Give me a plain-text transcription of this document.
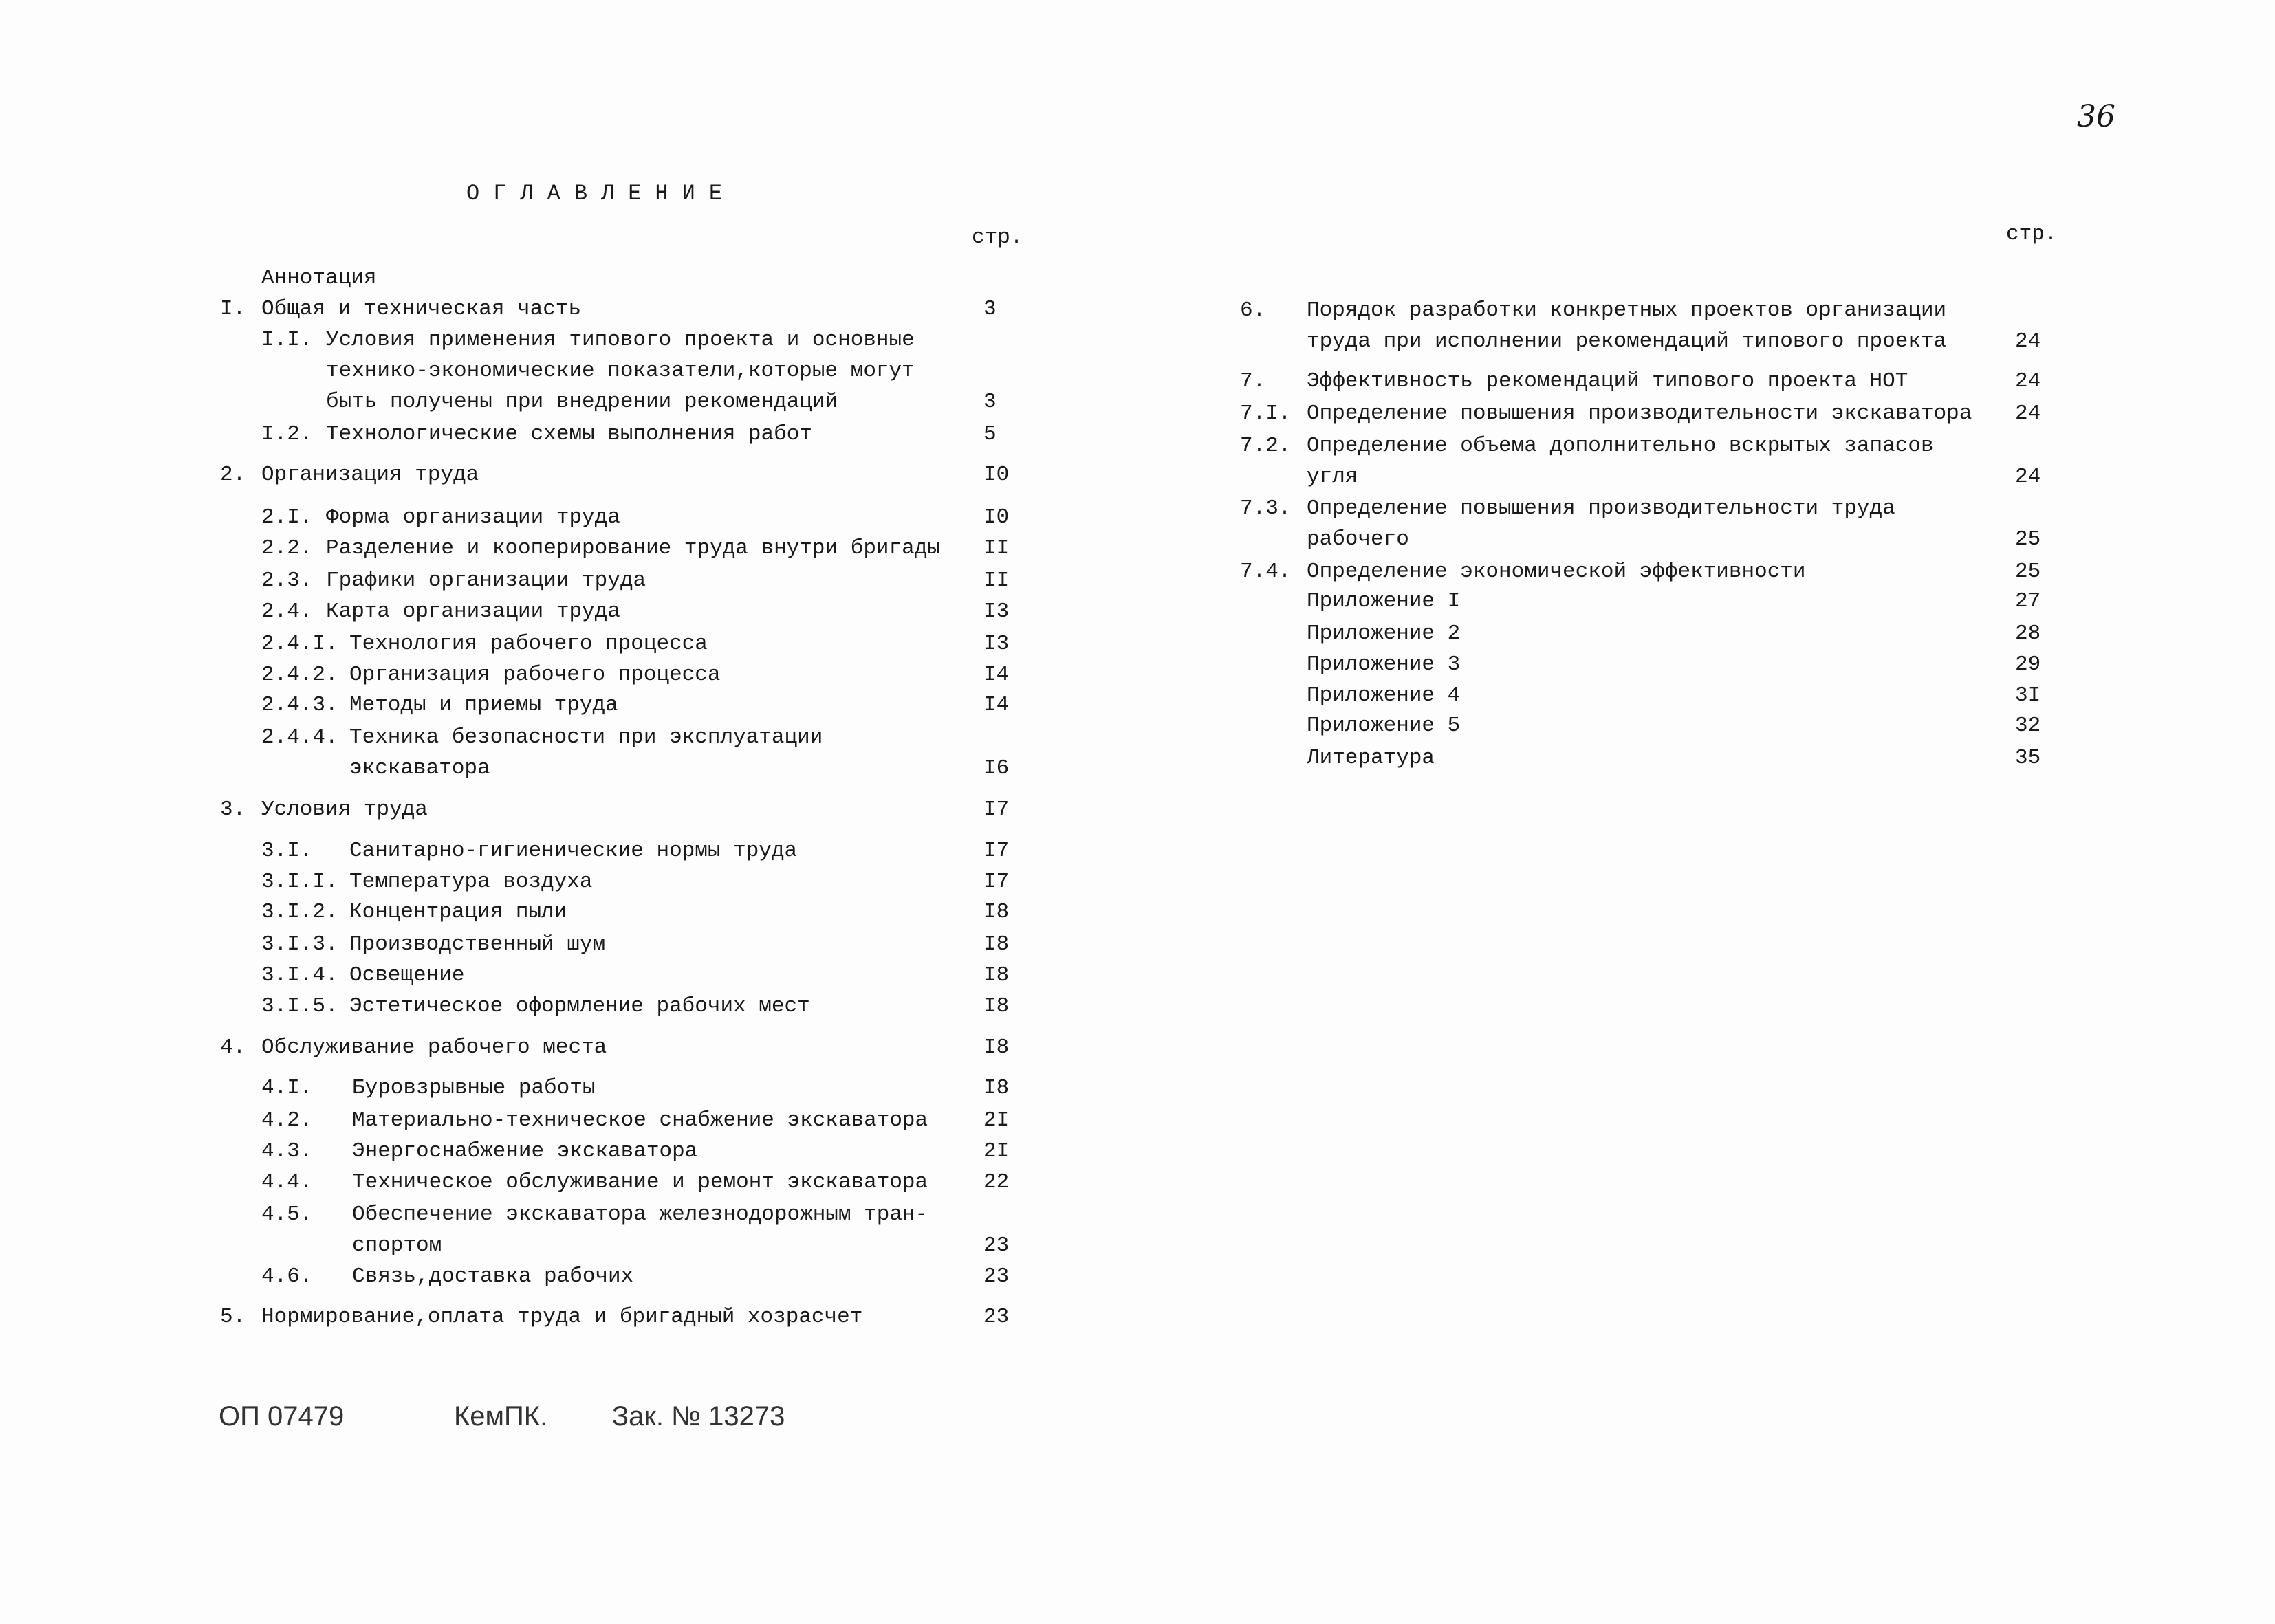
36
ОГЛАВЛЕНИЕ
стр.	стр.
ОП 07479	КемПК. Зак. № 13273
Аннотация
I. Общая и техническая часть	3
I.I. Условия применения типового проекта и основные
технико-экономические показатели,которые могут
быть получены при внедрении рекомендаций	3
I.2. Технологические схемы выполнения работ	5
2. Организация труда	I0
2.I. Форма организации труда	I0
2.2. Разделение и кооперирование труда внутри бригады II
2.3. Графики организации труда	II
2.4. Карта организации труда	I3
2.4.I. Технология рабочего процесса	I3
2.4.2. Организация рабочего процесса	I4
2.4.3. Методы и приемы труда	I4
2.4.4. Техника безопасности при эксплуатации
экскаватора	I6
3. Условия труда	I7
3.I. Санитарно-гигиенические нормы труда	I7
3.I.I. Температура воздуха	I7
3.I.2. Концентрация пыли	I8
3.I.3. Производственный шум	I8
3.I.4. Освещение	I8
3.I.5. Эстетическое оформление рабочих мест	I8
4. Обслуживание рабочего места	I8
4.I. Буровзрывные работы	I8
4.2. Материально-техническое снабжение экскаватора	2I
4.3. Энергоснабжение экскаватора	2I
4.4. Техническое обслуживание и ремонт экскаватора	22
4.5. Обеспечение экскаватора железнодорожным тран-
спортом	23
4.6. Связь,доставка рабочих	23
5. Нормирование,оплата труда и бригадный хозрасчет	23
6. Порядок разработки конкретных проектов организации
труда при исполнении рекомендаций типового проекта	24
7. Эффективность рекомендаций типового проекта НОТ	24
7.I. Определение повышения производительности экскаватора 24
7.2. Определение объема дополнительно вскрытых запасов
угля	24
7.3. Определение повышения производительности труда
рабочего	25
7.4. Определение экономической эффективности	25
Приложение I	27
Приложение 2	28
Приложение 3	29
Приложение 4	3I
Приложение 5	32
Литература	35
